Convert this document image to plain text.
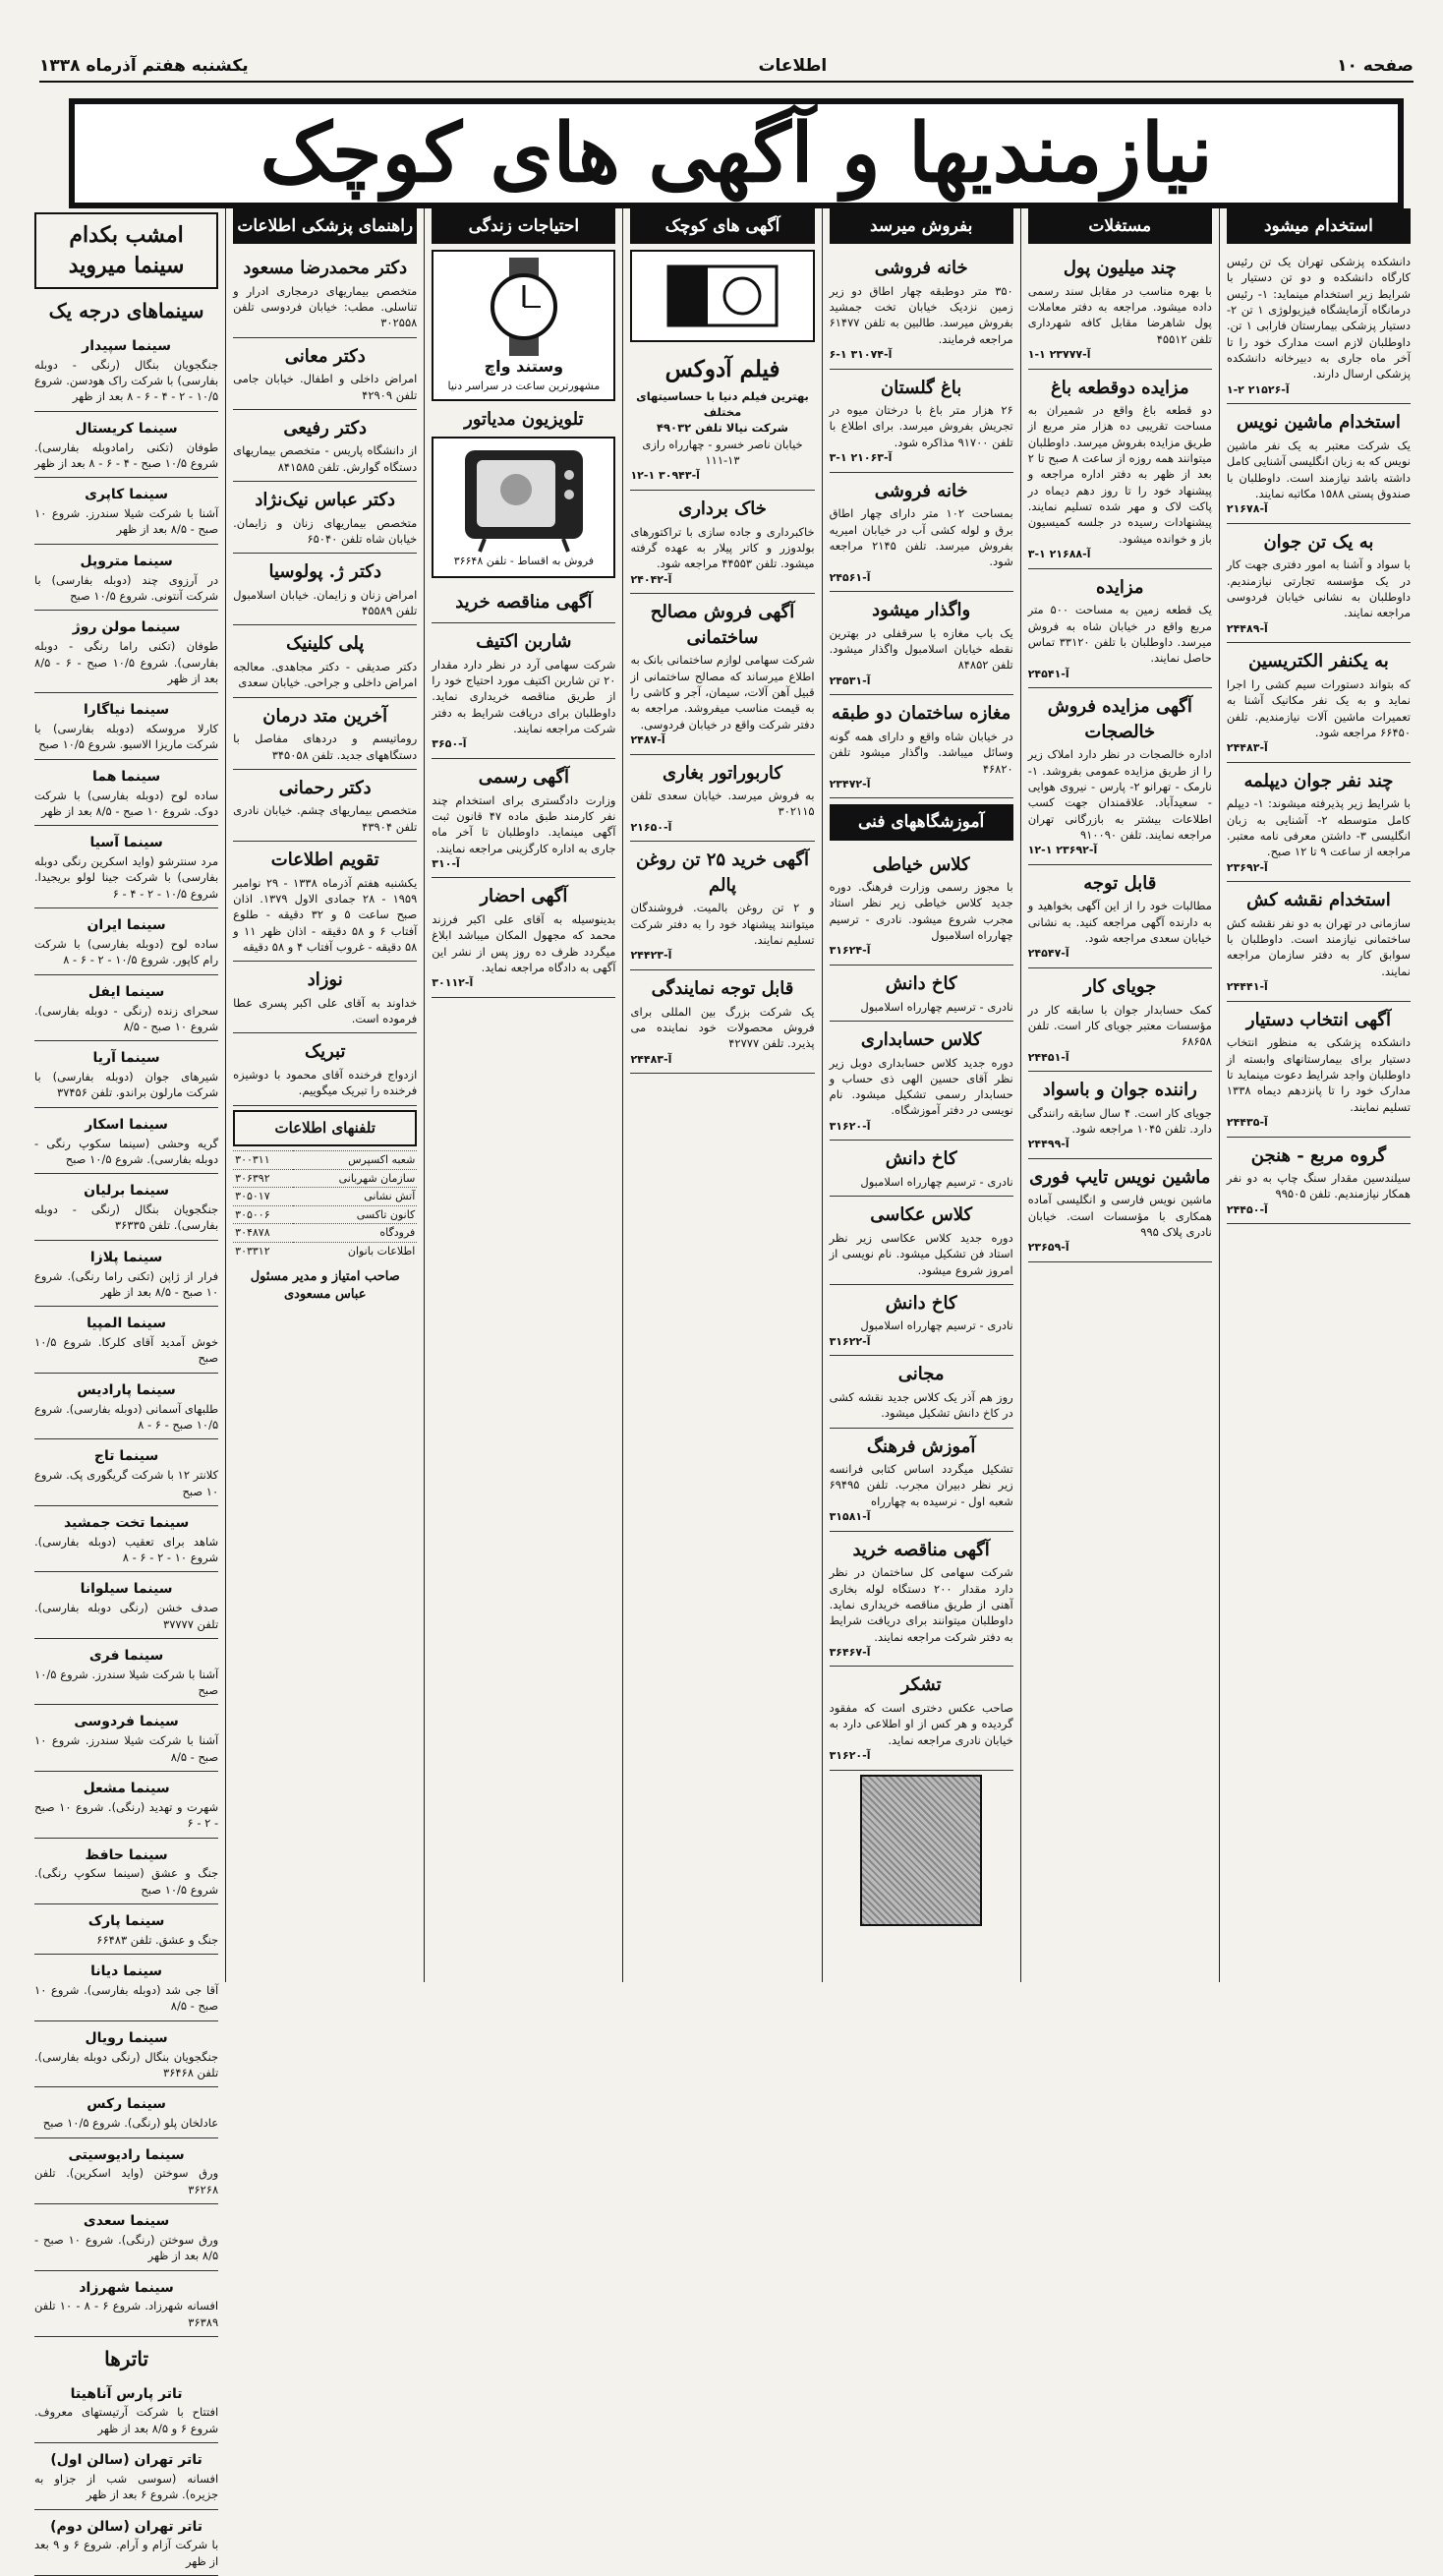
صفحه ۱۰
اطلاعات
یکشنبه هفتم آذرماه ۱۳۳۸
نیازمندیها و آگهی های کوچک
استخدام میشود
دانشکده پزشکی تهران یک تن رئیس کارگاه دانشکده و دو تن دستیار با شرایط زیر استخدام مینماید: ۱- رئیس درمانگاه آزمایشگاه فیزیولوژی ۱ تن ۲- دستیار پزشکی بیمارستان فارابی ۱ تن. داوطلبان لازم است مدارک خود را تا آخر ماه جاری به دبیرخانه دانشکده پزشکی ارسال دارند.
آ-۲۱۵۲۶ ۲-۱
استخدام ماشین نویس
یک شرکت معتبر به یک نفر ماشین نویس که به زبان انگلیسی آشنایی کامل داشته باشد نیازمند است. داوطلبان با صندوق پستی ۱۵۸۸ مکاتبه نمایند.
آ-۲۱۶۷۸
به یک تن جوان
با سواد و آشنا به امور دفتری جهت کار در یک مؤسسه تجارتی نیازمندیم. داوطلبان به نشانی خیابان فردوسی مراجعه نمایند.
آ-۲۴۴۸۹
به یکنفر الکتریسین
که بتواند دستورات سیم کشی را اجرا نماید و به یک نفر مکانیک آشنا به تعمیرات ماشین آلات نیازمندیم. تلفن ۶۶۴۵۰ مراجعه شود.
آ-۲۴۴۸۳
چند نفر جوان دیپلمه
با شرایط زیر پذیرفته میشوند: ۱- دیپلم کامل متوسطه ۲- آشنایی به زبان انگلیسی ۳- داشتن معرفی نامه معتبر. مراجعه از ساعت ۹ تا ۱۲ صبح.
آ-۲۳۶۹۲
استخدام نقشه کش
سازمانی در تهران به دو نفر نقشه کش ساختمانی نیازمند است. داوطلبان با سوابق کار به دفتر سازمان مراجعه نمایند.
آ-۲۴۴۴۱
آگهی انتخاب دستیار
دانشکده پزشکی به منظور انتخاب دستیار برای بیمارستانهای وابسته از داوطلبان واجد شرایط دعوت مینماید تا مدارک خود را تا پانزدهم دیماه ۱۳۳۸ تسلیم نمایند.
آ-۲۴۴۳۵
گروه مربع - هنجن
سیلندسین مقدار سنگ چاپ به دو نفر همکار نیازمندیم. تلفن ۹۹۵۰۵
آ-۲۴۴۵۰
مستغلات
چند میلیون پول
با بهره مناسب در مقابل سند رسمی داده میشود. مراجعه به دفتر معاملات پول شاهرضا مقابل کافه شهرداری تلفن ۴۵۵۱۲
آ-۲۳۷۷۷ ۱-۱
مزایده دوقطعه باغ
دو قطعه باغ واقع در شمیران به مساحت تقریبی ده هزار متر مربع از طریق مزایده بفروش میرسد. داوطلبان میتوانند همه روزه از ساعت ۸ صبح تا ۲ بعد از ظهر به دفتر اداره مراجعه و پیشنهاد خود را تا روز دهم دیماه در پاکت لاک و مهر شده تسلیم نمایند. پیشنهادات رسیده در جلسه کمیسیون باز و خوانده میشود.
آ-۲۱۶۸۸ ۱-۳
مزایده
یک قطعه زمین به مساحت ۵۰۰ متر مربع واقع در خیابان شاه به فروش میرسد. داوطلبان با تلفن ۳۳۱۲۰ تماس حاصل نمایند.
آ-۲۴۵۴۱
آگهی مزایده فروش خالصجات
اداره خالصجات در نظر دارد املاک زیر را از طریق مزایده عمومی بفروشد. ۱- نارمک - تهرانو ۲- پارس - نیروی هوایی - سعیدآباد. علاقمندان جهت کسب اطلاعات بیشتر به بازرگانی تهران مراجعه نمایند. تلفن ۹۱۰۰۹۰
آ-۲۳۶۹۲ ۱-۱۲
قابل توجه
مطالبات خود را از این آگهی بخواهید و به دارنده آگهی مراجعه کنید. به نشانی خیابان سعدی مراجعه شود.
آ-۲۴۵۴۷
جویای کار
کمک حسابدار جوان با سابقه کار در مؤسسات معتبر جویای کار است. تلفن ۶۸۶۵۸
آ-۲۴۴۵۱
راننده جوان و باسواد
جویای کار است. ۴ سال سابقه رانندگی دارد. تلفن ۱۰۴۵ مراجعه شود.
آ-۲۴۴۹۹
ماشین نویس تایپ فوری
ماشین نویس فارسی و انگلیسی آماده همکاری با مؤسسات است. خیابان نادری پلاک ۹۹۵
آ-۲۳۶۵۹
بفروش میرسد
خانه فروشی
۳۵۰ متر دوطبقه چهار اطاق دو زیر زمین نزدیک خیابان تخت جمشید بفروش میرسد. طالبین به تلفن ۶۱۴۷۷ مراجعه فرمایند.
آ-۳۱۰۷۴ ۱-۶
باغ گلستان
۲۶ هزار متر باغ با درختان میوه در تجریش بفروش میرسد. برای اطلاع با تلفن ۹۱۷۰۰ مذاکره شود.
آ-۲۱۰۶۳ ۱-۳
خانه فروشی
بمساحت ۱۰۲ متر دارای چهار اطاق برق و لوله کشی آب در خیابان امیریه بفروش میرسد. تلفن ۲۱۴۵ مراجعه شود.
آ-۲۴۵۶۱
واگذار میشود
یک باب مغازه با سرقفلی در بهترین نقطه خیابان اسلامبول واگذار میشود. تلفن ۸۴۸۵۲
آ-۲۴۵۳۱
مغازه ساختمان دو طبقه
در خیابان شاه واقع و دارای همه گونه وسائل میباشد. واگذار میشود تلفن ۴۶۸۲۰
آ-۲۳۴۷۲
آموزشگاههای فنی
کلاس خیاطی
با مجوز رسمی وزارت فرهنگ. دوره جدید کلاس خیاطی زیر نظر استاد مجرب شروع میشود. نادری - ترسیم چهارراه اسلامبول
آ-۳۱۶۲۴
کاخ دانش
نادری - ترسیم چهارراه اسلامبول
کلاس حسابداری
دوره جدید کلاس حسابداری دوبل زیر نظر آقای حسین الهی ذی حساب و حسابدار رسمی تشکیل میشود. نام نویسی در دفتر آموزشگاه.
آ-۳۱۶۲۰
کاخ دانش
نادری - ترسیم چهارراه اسلامبول
کلاس عکاسی
دوره جدید کلاس عکاسی زیر نظر استاد فن تشکیل میشود. نام نویسی از امروز شروع میشود.
کاخ دانش
نادری - ترسیم چهارراه اسلامبول
آ-۳۱۶۲۲
مجانی
روز هم آذر یک کلاس جدید نقشه کشی در کاخ دانش تشکیل میشود.
آموزش فرهنگ
تشکیل میگردد اساس کتابی فرانسه زیر نظر دبیران مجرب. تلفن ۶۹۴۹۵ شعبه اول - نرسیده به چهارراه
آ-۳۱۵۸۱
آگهی مناقصه خرید
شرکت سهامی کل ساختمان در نظر دارد مقدار ۲۰۰ دستگاه لوله بخاری آهنی از طریق مناقصه خریداری نماید. داوطلبان میتوانند برای دریافت شرایط به دفتر شرکت مراجعه نمایند.
آ-۳۶۴۶۷
تشکر
صاحب عکس دختری است که مفقود گردیده و هر کس از او اطلاعی دارد به خیابان نادری مراجعه نماید.
آ-۳۱۶۲۰
آگهی های کوچک
فیلم آدوکس
بهترین فیلم دنیا با حساسیتهای مختلف
شرکت نیالا تلفن ۴۹۰۳۲
خیابان ناصر خسرو - چهارراه رازی ۱۳-۱۱۱
آ-۳۰۹۴۳ ۱-۱۲
خاک برداری
خاکبرداری و جاده سازی با تراکتورهای بولدوزر و کاتر پیلار به عهده گرفته میشود. تلفن ۴۴۵۵۳ مراجعه شود.
آ-۲۴۰۴۲
آگهی فروش مصالح ساختمانی
شرکت سهامی لوازم ساختمانی بانک به اطلاع میرساند که مصالح ساختمانی از قبیل آهن آلات، سیمان، آجر و کاشی را به قیمت مناسب میفروشد. مراجعه به دفتر شرکت واقع در خیابان فردوسی.
آ-۲۴۸۷
کاربوراتور بغاری
به فروش میرسد. خیابان سعدی تلفن ۳۰۲۱۱۵
آ-۲۱۶۵۰
آگهی خرید ۲۵ تن روغن پالم
و ۲ تن روغن بالمیت. فروشندگان میتوانند پیشنهاد خود را به دفتر شرکت تسلیم نمایند.
آ-۲۴۴۲۳
قابل توجه نمایندگی
یک شرکت بزرگ بین المللی برای فروش محصولات خود نماینده می پذیرد. تلفن ۴۲۷۷۷
آ-۲۴۴۸۳
احتیاجات زندگی
وستند واچ
مشهورترین ساعت در سراسر دنیا
تلویزیون مدیاتور
فروش به اقساط - تلفن ۳۶۶۴۸
آگهی مناقصه خرید
شاربن اکتیف
شرکت سهامی آرد در نظر دارد مقدار ۲۰ تن شاربن اکتیف مورد احتیاج خود را از طریق مناقصه خریداری نماید. داوطلبان برای دریافت شرایط به دفتر شرکت مراجعه نمایند.
آ-۳۶۵۰
آگهی رسمی
وزارت دادگستری برای استخدام چند نفر کارمند طبق ماده ۴۷ قانون ثبت آگهی مینماید. داوطلبان تا آخر ماه جاری به اداره کارگزینی مراجعه نمایند.
آ-۳۱۰
آگهی احضار
بدینوسیله به آقای علی اکبر فرزند محمد که مجهول المکان میباشد ابلاغ میگردد ظرف ده روز پس از نشر این آگهی به دادگاه مراجعه نماید.
آ-۳۰۱۱۲
راهنمای پزشکی اطلاعات
دکتر محمدرضا مسعود
متخصص بیماریهای درمجاری ادرار و تناسلی. مطب: خیابان فردوسی تلفن ۳۰۲۵۵۸
دکتر معانی
امراض داخلی و اطفال. خیابان جامی تلفن ۴۲۹۰۹
دکتر رفیعی
از دانشگاه پاریس - متخصص بیماریهای دستگاه گوارش. تلفن ۸۴۱۵۸۵
دکتر عباس نیک‌نژاد
متخصص بیماریهای زنان و زایمان. خیابان شاه تلفن ۶۵۰۴۰
دکتر ژ. پولوسیا
امراض زنان و زایمان. خیابان اسلامبول تلفن ۴۵۵۸۹
پلی کلینیک
دکتر صدیقی - دکتر مجاهدی. معالجه امراض داخلی و جراحی. خیابان سعدی
آخرین متد درمان
روماتیسم و دردهای مفاصل با دستگاههای جدید. تلفن ۳۴۵۰۵۸
دکتر رحمانی
متخصص بیماریهای چشم. خیابان نادری تلفن ۴۳۹۰۴
تقویم اطلاعات
یکشنبه هفتم آذرماه ۱۳۳۸ - ۲۹ نوامبر ۱۹۵۹ - ۲۸ جمادی الاول ۱۳۷۹. اذان صبح ساعت ۵ و ۳۲ دقیقه - طلوع آفتاب ۶ و ۵۸ دقیقه - اذان ظهر ۱۱ و ۵۸ دقیقه - غروب آفتاب ۴ و ۵۸ دقیقه
نوزاد
خداوند به آقای علی اکبر پسری عطا فرموده است.
تبریک
ازدواج فرخنده آقای محمود با دوشیزه فرخنده را تبریک میگوییم.
تلفنهای اطلاعات
شعبه اکسپرس	۳۰۰۳۱۱
سازمان شهربانی	۳۰۶۳۹۲
آتش نشانی	۳۰۵۰۱۷
کانون تاکسی	۳۰۵۰۰۶
فرودگاه	۳۰۴۸۷۸
اطلاعات بانوان	۳۰۳۳۱۲
صاحب امتیاز و مدیر مسئول عباس مسعودی
امشب بکدام سینما میروید
سینماهای درجه یک
سینما سپیدار
جنگجویان بنگال (رنگی - دوبله بفارسی) با شرکت راک هودسن. شروع ۱۰/۵ - ۲ - ۴ - ۶ - ۸ بعد از ظهر
سینما کریستال
طوفان (تکنی رامادوبله بفارسی). شروع ۱۰/۵ صبح - ۴ - ۶ - ۸ بعد از ظهر
سینما کاپری
آشنا با شرکت شیلا سندرز. شروع ۱۰ صبح - ۸/۵ بعد از ظهر
سینما متروپل
در آرزوی چند (دوبله بفارسی) با شرکت آنتونی. شروع ۱۰/۵ صبح
سینما مولن روژ
طوفان (تکنی راما رنگی - دوبله بفارسی). شروع ۱۰/۵ صبح - ۶ - ۸/۵ بعد از ظهر
سینما نیاگارا
کارلا مروسکه (دوبله بفارسی) با شرکت ماریزا الاسیو. شروع ۱۰/۵ صبح
سینما هما
ساده لوح (دوبله بفارسی) با شرکت دوک. شروع ۱۰ صبح - ۸/۵ بعد از ظهر
سینما آسیا
مرد سنترشو (واید اسکرین رنگی دوبله بفارسی) با شرکت جینا لولو بریجیدا. شروع ۱۰/۵ - ۲ - ۴ - ۶
سینما ایران
ساده لوح (دوبله بفارسی) با شرکت رام کاپور. شروع ۱۰/۵ - ۲ - ۶ - ۸
سینما ایفل
سحرای زنده (رنگی - دوبله بفارسی). شروع ۱۰ صبح - ۸/۵
سینما آریا
شیرهای جوان (دوبله بفارسی) با شرکت مارلون براندو. تلفن ۳۷۴۵۶
سینما اسکار
گریه وحشی (سینما سکوپ رنگی - دوبله بفارسی). شروع ۱۰/۵ صبح
سینما برلیان
جنگجویان بنگال (رنگی - دوبله بفارسی). تلفن ۳۶۳۳۵
سینما پلازا
فرار از ژاپن (تکنی راما رنگی). شروع ۱۰ صبح - ۸/۵ بعد از ظهر
سینما المپیا
خوش آمدید آقای کلرکا. شروع ۱۰/۵ صبح
سینما پارادیس
طلبهای آسمانی (دوبله بفارسی). شروع ۱۰/۵ صبح - ۶ - ۸
سینما تاج
کلانتر ۱۲ با شرکت گریگوری پک. شروع ۱۰ صبح
سینما تخت جمشید
شاهد برای تعقیب (دوبله بفارسی). شروع ۱۰ - ۲ - ۶ - ۸
سینما سیلوانا
صدف خشن (رنگی دوبله بفارسی). تلفن ۳۷۷۷۷
سینما فری
آشنا با شرکت شیلا سندرز. شروع ۱۰/۵ صبح
سینما فردوسی
آشنا با شرکت شیلا سندرز. شروع ۱۰ صبح - ۸/۵
سینما مشعل
شهرت و تهدید (رنگی). شروع ۱۰ صبح - ۲ - ۶
سینما حافظ
جنگ و عشق (سینما سکوپ رنگی). شروع ۱۰/۵ صبح
سینما پارک
جنگ و عشق. تلفن ۶۶۴۸۳
سینما دیانا
آقا جی شد (دوبله بفارسی). شروع ۱۰ صبح - ۸/۵
سینما رویال
جنگجویان بنگال (رنگی دوبله بفارسی). تلفن ۳۶۴۶۸
سینما رکس
عادلخان پلو (رنگی). شروع ۱۰/۵ صبح
سینما رادیوسیتی
ورق سوختن (واید اسکرین). تلفن ۳۶۲۶۸
سینما سعدی
ورق سوختن (رنگی). شروع ۱۰ صبح - ۸/۵ بعد از ظهر
سینما شهرزاد
افسانه شهرزاد. شروع ۶ - ۸ - ۱۰ تلفن ۳۶۳۸۹
تاترها
تاتر پارس آناهیتا
افتتاح با شرکت آرتیستهای معروف. شروع ۶ و ۸/۵ بعد از ظهر
تاتر تهران (سالن اول)
افسانه (سوسی شب از جزاو به جزیره). شروع ۶ بعد از ظهر
تاتر تهران (سالن دوم)
با شرکت آزام و آرام. شروع ۶ و ۹ بعد از ظهر
